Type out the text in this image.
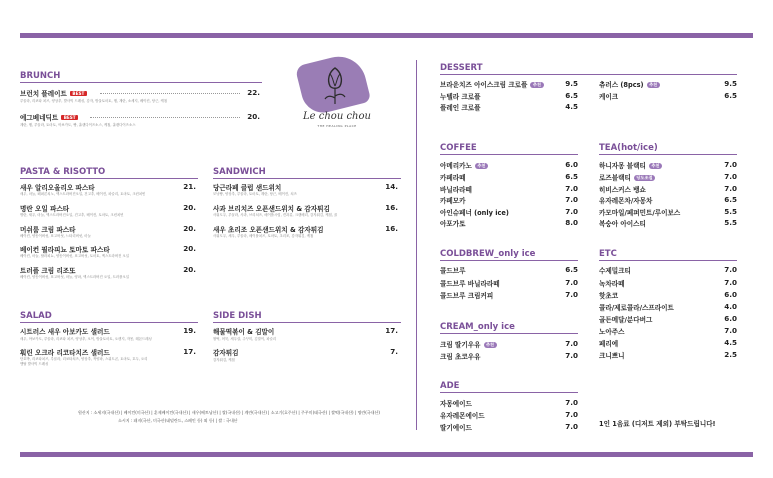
Le chou chou
THE HEALING PLACE
BRUNCH
브런치 플레이트 BEST	22.
루꼴라, 리코타 치즈, 양상추, 발사믹 드레싱, 감자, 방울토마토, 햄, 계란, 소세지, 베이컨, 당근, 케첩
에그베네딕트 BEST	20.
계란, 햄, 루꼴라, 토마토, 아보카도, 빵, 홀랜다이즈소스, 케첩, 홀랜다이즈소스
PASTA & RISOTTO
새우 알리오올리오 파스타	21.
새우, 마늘, 페퍼론치노, 엑스트라버진오일, 건고추, 베이컨, 파슬리, 토마토, 크런치빈
명란 오일 파스타	20.
명란, 새우, 마늘, 엑스트라버진오일, 건고추, 베이컨, 토마토, 크런치빈
머쉬룸 크림 파스타	20.
베이컨, 양송이버섯, 표고버섯, 느타리버섯, 마늘
베이컨 필라피뇨 토마토 파스타	20.
베이컨, 마늘, 할라피뇨, 양송이버섯, 표고버섯, 토마토, 엑스트라버진 오일
트러플 크림 리조또	20.
베이컨, 양송이버섯, 표고버섯, 마늘, 양파, 엑스트라버진 오일, 트러플오일
SANDWICH
당근라페 클럽 샌드위치	14.
모닝빵, 양상추, 루꼴라, 토마토, 계란, 당근, 베이컨, 치즈
사과 브리치즈 오픈샌드위치 & 감자튀김	16.
사워도우, 루꼴라, 사과, 브리치즈, 메이플시럽, 견과류, 크랜베리, 감자튀김, 케첩, 꿀
새우 초리조 오픈샌드위치 & 감자튀김	16.
사워도우, 새우, 루꼴라, 메이플치즈, 토마토, 초리조, 감자튀김, 케첩
SALAD
시트러스 새우 아보카도 샐러드	19.
새우, 아보카도, 루꼴라, 리코타 치즈, 양상추, 오이, 방울토마토, 오렌지, 자몽, 레몬드레싱
훠린 오크라 리코타치즈 샐러드	17.
단호박, 리코타치즈, 루꼴라, 리코타치즈, 양상추, 적양파, 스위트콘, 토마토, 호두, 오리엔탈 발사믹 드레싱
SIDE DISH
해물떡볶이 & 김말이	17.
쌀떡, 어묵, 새우살, 주꾸미, 김말이, 파슬리
감자튀김	7.
감자튀김, 케첩
원산지 : 소세지(국내산) | 베이컨(미국산) | 훈제베이컨(국내산) | 새우(베트남산) | 쌀(국내산) | 계란(국내산) | 소고기(호주산) | 주꾸미(태국산) | 쌀떡(국내산) | 명란(국내산)
소시지 : 돼지(국산, 미국산(네덜란드, 스페인 등) 외 등) | 쌀 : 국내산
DESSERT
브라운치즈 아이스크림 크로플 추천	9.5
누텔라 크로플	6.5
플레인 크로플	4.5
츄러스 (8pcs) 추천	9.5
케이크	6.5
COFFEE
아메리카노 추천	6.0
카페라떼	6.5
바닐라라떼	7.0
카페모카	7.0
아인슈페너 (only ice)	7.0
아포가토	8.0
TEA(hot/ice)
하니자몽 블랙티 추천	7.0
로즈블랙티 당도조절	7.0
히비스커스 뱅쇼	7.0
유자레몬차/자몽차	6.5
카모마일/페퍼민트/루이보스	5.5
복숭아 아이스티	5.5
COLDBREW_only ice
콜드브루	6.5
콜드브루 바닐라라떼	7.0
콜드브루 크림커피	7.0
CREAM_only ice
크림 딸기우유 추천	7.0
크림 초코우유	7.0
ADE
자몽에이드	7.0
유자레몬에이드	7.0
딸기에이드	7.0
ETC
수제밀크티	7.0
녹차라떼	7.0
핫초코	6.0
콜라/제로콜라/스프라이트	4.0
골든메달/분다버그	6.0
노아주스	7.0
페리에	4.5
크니쁘니	2.5
1인 1음료 (디저트 제외) 부탁드립니다!
